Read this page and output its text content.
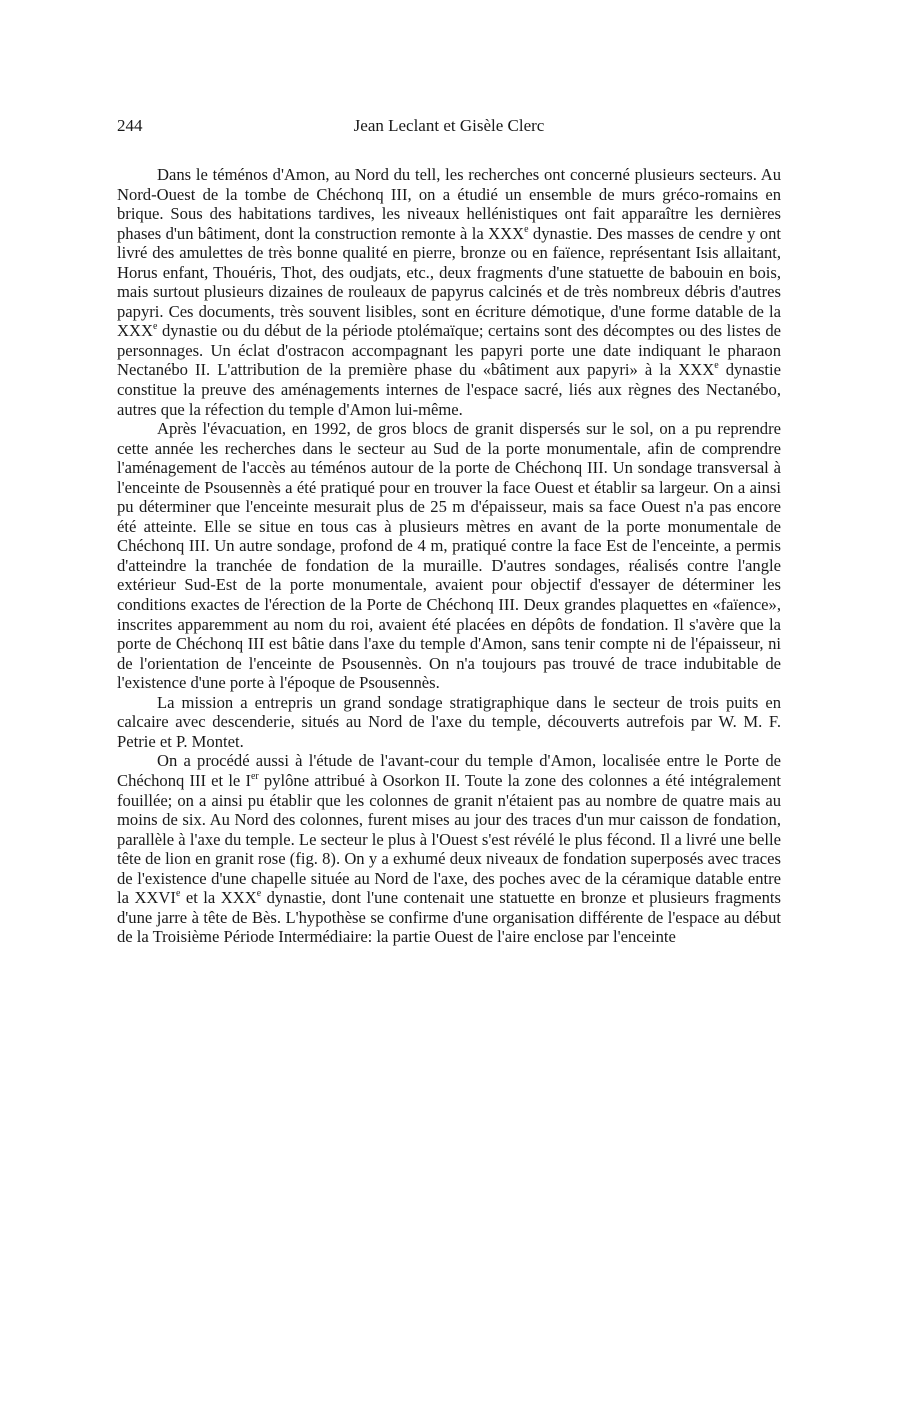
244	Jean Leclant et Gisèle Clerc

Dans le téménos d'Amon, au Nord du tell, les recherches ont concerné plusieurs secteurs. Au Nord-Ouest de la tombe de Chéchonq III, on a étudié un ensemble de murs gréco-romains en brique. Sous des habitations tardives, les niveaux hellénistiques ont fait apparaître les dernières phases d'un bâtiment, dont la construction remonte à la XXXe dynastie. Des masses de cendre y ont livré des amulettes de très bonne qualité en pierre, bronze ou en faïence, représentant Isis allaitant, Horus enfant, Thouéris, Thot, des oudjats, etc., deux fragments d'une statuette de babouin en bois, mais surtout plusieurs dizaines de rouleaux de papyrus calcinés et de très nombreux débris d'autres papyri. Ces documents, très souvent lisibles, sont en écriture démotique, d'une forme datable de la XXXe dynastie ou du début de la période ptolémaïque; certains sont des décomptes ou des listes de personnages. Un éclat d'ostracon accompagnant les papyri porte une date indiquant le pharaon Nectanébo II. L'attribution de la première phase du «bâtiment aux papyri» à la XXXe dynastie constitue la preuve des aménagements internes de l'espace sacré, liés aux règnes des Nectanébo, autres que la réfection du temple d'Amon lui-même.

Après l'évacuation, en 1992, de gros blocs de granit dispersés sur le sol, on a pu reprendre cette année les recherches dans le secteur au Sud de la porte monumentale, afin de comprendre l'aménagement de l'accès au téménos autour de la porte de Chéchonq III. Un sondage transversal à l'enceinte de Psousennès a été pratiqué pour en trouver la face Ouest et établir sa largeur. On a ainsi pu déterminer que l'enceinte mesurait plus de 25 m d'épaisseur, mais sa face Ouest n'a pas encore été atteinte. Elle se situe en tous cas à plusieurs mètres en avant de la porte monumentale de Chéchonq III. Un autre sondage, profond de 4 m, pratiqué contre la face Est de l'enceinte, a permis d'atteindre la tranchée de fondation de la muraille. D'autres sondages, réalisés contre l'angle extérieur Sud-Est de la porte monumentale, avaient pour objectif d'essayer de déterminer les conditions exactes de l'érection de la Porte de Chéchonq III. Deux grandes plaquettes en «faïence», inscrites apparemment au nom du roi, avaient été placées en dépôts de fondation. Il s'avère que la porte de Chéchonq III est bâtie dans l'axe du temple d'Amon, sans tenir compte ni de l'épaisseur, ni de l'orientation de l'enceinte de Psousennès. On n'a toujours pas trouvé de trace indubitable de l'existence d'une porte à l'époque de Psousennès.

La mission a entrepris un grand sondage stratigraphique dans le secteur de trois puits en calcaire avec descenderie, situés au Nord de l'axe du temple, découverts autrefois par W. M. F. Petrie et P. Montet.

On a procédé aussi à l'étude de l'avant-cour du temple d'Amon, localisée entre le Porte de Chéchonq III et le Ier pylône attribué à Osorkon II. Toute la zone des colonnes a été intégralement fouillée; on a ainsi pu établir que les colonnes de granit n'étaient pas au nombre de quatre mais au moins de six. Au Nord des colonnes, furent mises au jour des traces d'un mur caisson de fondation, parallèle à l'axe du temple. Le secteur le plus à l'Ouest s'est révélé le plus fécond. Il a livré une belle tête de lion en granit rose (fig. 8). On y a exhumé deux niveaux de fondation superposés avec traces de l'existence d'une chapelle située au Nord de l'axe, des poches avec de la céramique datable entre la XXVIe et la XXXe dynastie, dont l'une contenait une statuette en bronze et plusieurs fragments d'une jarre à tête de Bès. L'hypothèse se confirme d'une organisation différente de l'espace au début de la Troisième Période Intermédiaire: la partie Ouest de l'aire enclose par l'enceinte
